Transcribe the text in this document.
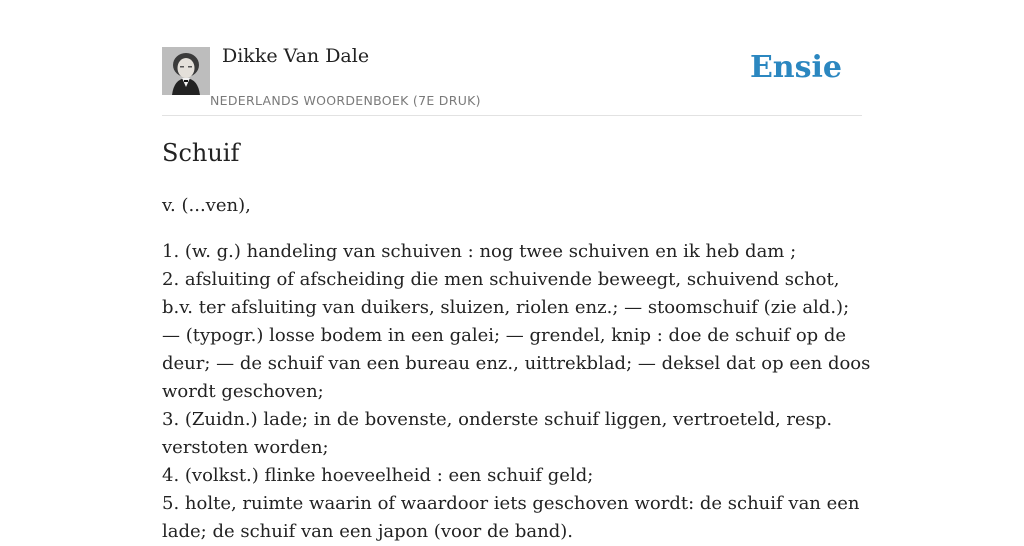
Dikke Van Dale
NEDERLANDS WOORDENBOEK (7E DRUK)
Ensie
Schuif

v. (...ven),

1. (w. g.) handeling van schuiven : nog twee schuiven en ik heb dam ;
2. afsluiting of afscheiding die men schuivende beweegt, schuivend schot, b.v. ter afsluiting van duikers, sluizen, riolen enz.; — stoomschuif (zie ald.); — (typogr.) losse bodem in een galei; — grendel, knip : doe de schuif op de deur; — de schuif van een bureau enz., uittrekblad; — deksel dat op een doos wordt geschoven;
3. (Zuidn.) lade; in de bovenste, onderste schuif liggen, vertroeteld, resp. verstoten worden;
4. (volkst.) flinke hoeveelheid : een schuif geld;
5. holte, ruimte waarin of waardoor iets geschoven wordt: de schuif van een lade; de schuif van een japon (voor de band).
